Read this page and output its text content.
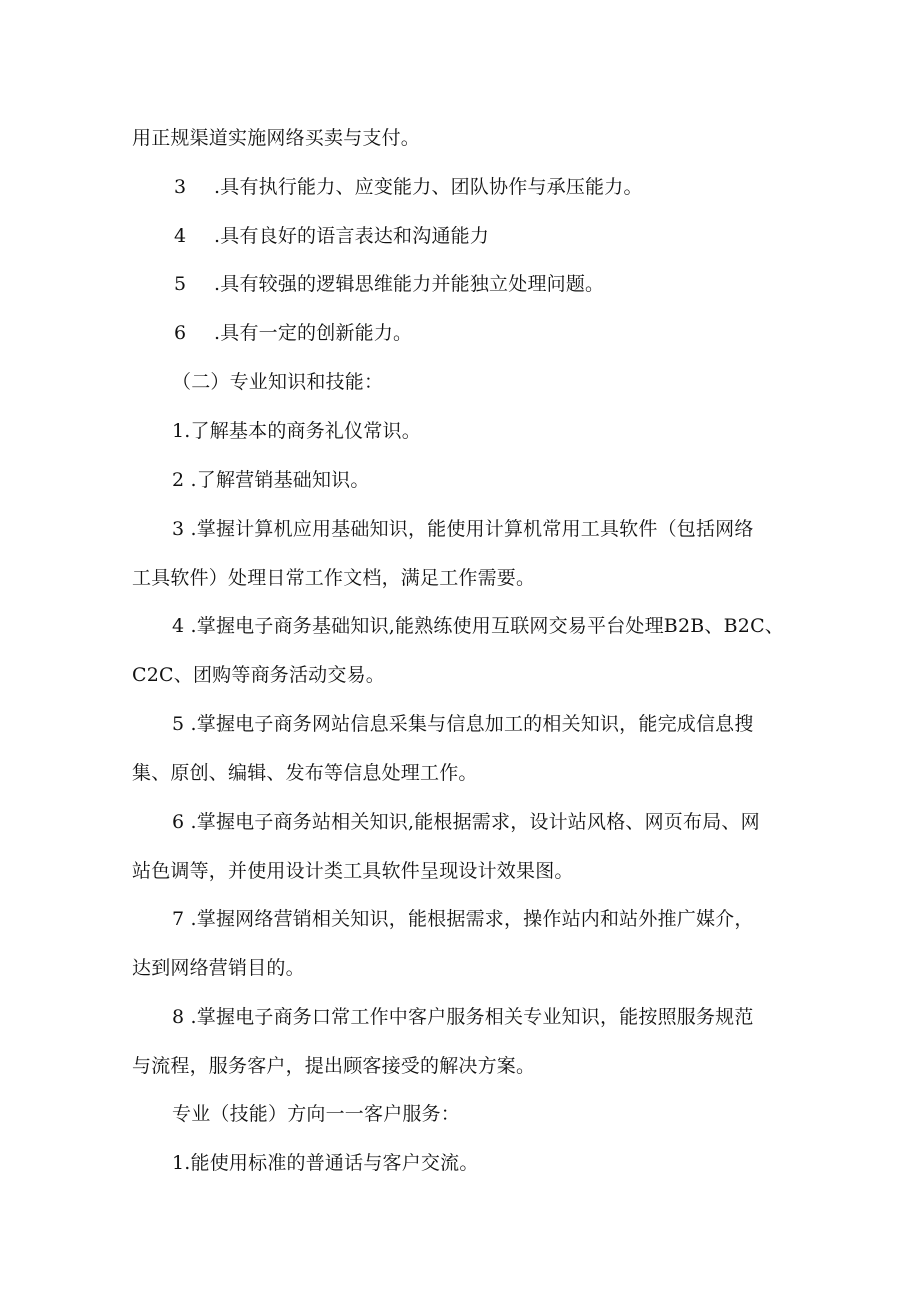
用正规渠道实施网络买卖与支付。
3 .具有执行能力、应变能力、团队协作与承压能力。
4 .具有良好的语言表达和沟通能力
5 .具有较强的逻辑思维能力并能独立处理问题。
6 .具有一定的创新能力。
（二）专业知识和技能：
1.了解基本的商务礼仪常识。
2 .了解营销基础知识。
3 .掌握计算机应用基础知识，能使用计算机常用工具软件（包括网络
工具软件）处理日常工作文档，满足工作需要。
4 .掌握电子商务基础知识,能熟练使用互联网交易平台处理B2B、B2C、
C2C、团购等商务活动交易。
5 .掌握电子商务网站信息采集与信息加工的相关知识，能完成信息搜
集、原创、编辑、发布等信息处理工作。
6 .掌握电子商务站相关知识,能根据需求，设计站风格、网页布局、网
站色调等，并使用设计类工具软件呈现设计效果图。
7 .掌握网络营销相关知识，能根据需求，操作站内和站外推广媒介，
达到网络营销目的。
8 .掌握电子商务口常工作中客户服务相关专业知识，能按照服务规范
与流程，服务客户，提出顾客接受的解决方案。
专业（技能）方向一一客户服务：
1.能使用标准的普通话与客户交流。
